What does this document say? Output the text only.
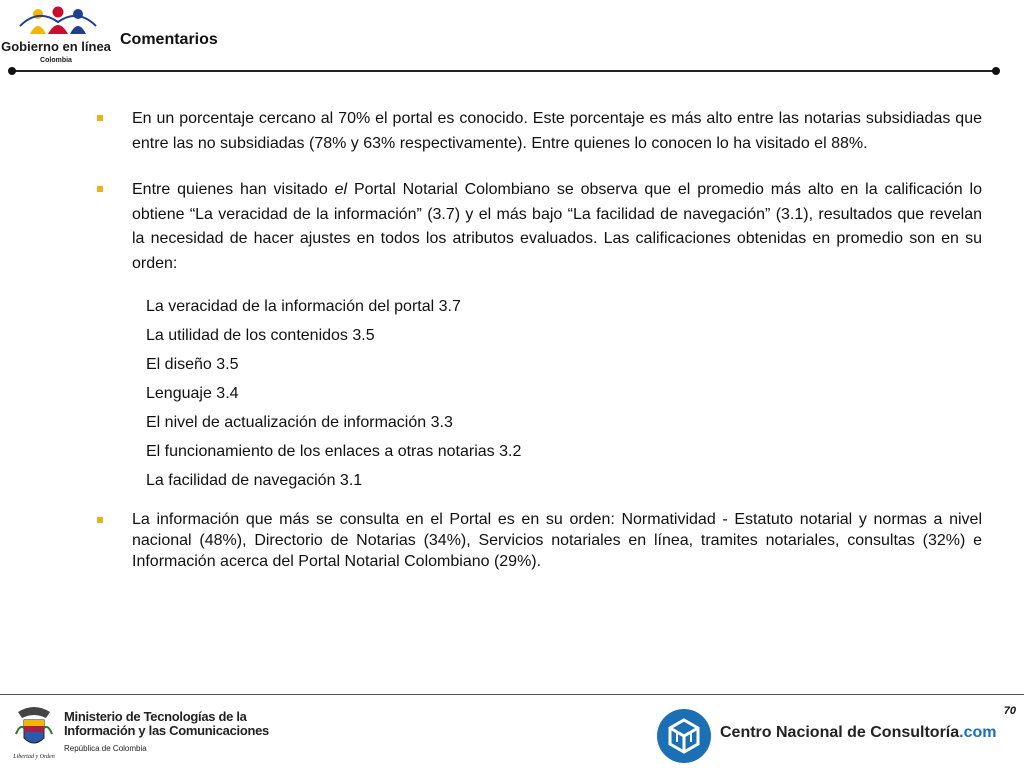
Gobierno en línea
Colombia
Comentarios
En un porcentaje cercano al 70% el portal es conocido. Este porcentaje es más alto entre las notarias subsidiadas que entre las no subsidiadas (78% y 63% respectivamente). Entre quienes lo conocen lo ha visitado el 88%.
Entre quienes han visitado el Portal Notarial Colombiano se observa que el promedio más alto en la calificación lo obtiene “La veracidad de la información” (3.7) y el más bajo “La facilidad de navegación” (3.1), resultados que revelan la necesidad de hacer ajustes en todos los atributos evaluados. Las calificaciones obtenidas en promedio son en su orden:
La veracidad de la información del portal 3.7
La utilidad de los contenidos 3.5
El diseño 3.5
Lenguaje 3.4
El nivel de actualización de información 3.3
El funcionamiento de los enlaces a otras notarias 3.2
La facilidad de navegación 3.1
La información que más se consulta en el Portal es en su orden: Normatividad - Estatuto notarial y normas a nivel nacional (48%), Directorio de Notarias (34%), Servicios notariales en línea, tramites notariales, consultas (32%) e Información acerca del Portal Notarial Colombiano (29%).
70
Libertad y Orden
Ministerio de Tecnologías de la
Información y las Comunicaciones
República de Colombia
Centro Nacional de Consultoría.com
